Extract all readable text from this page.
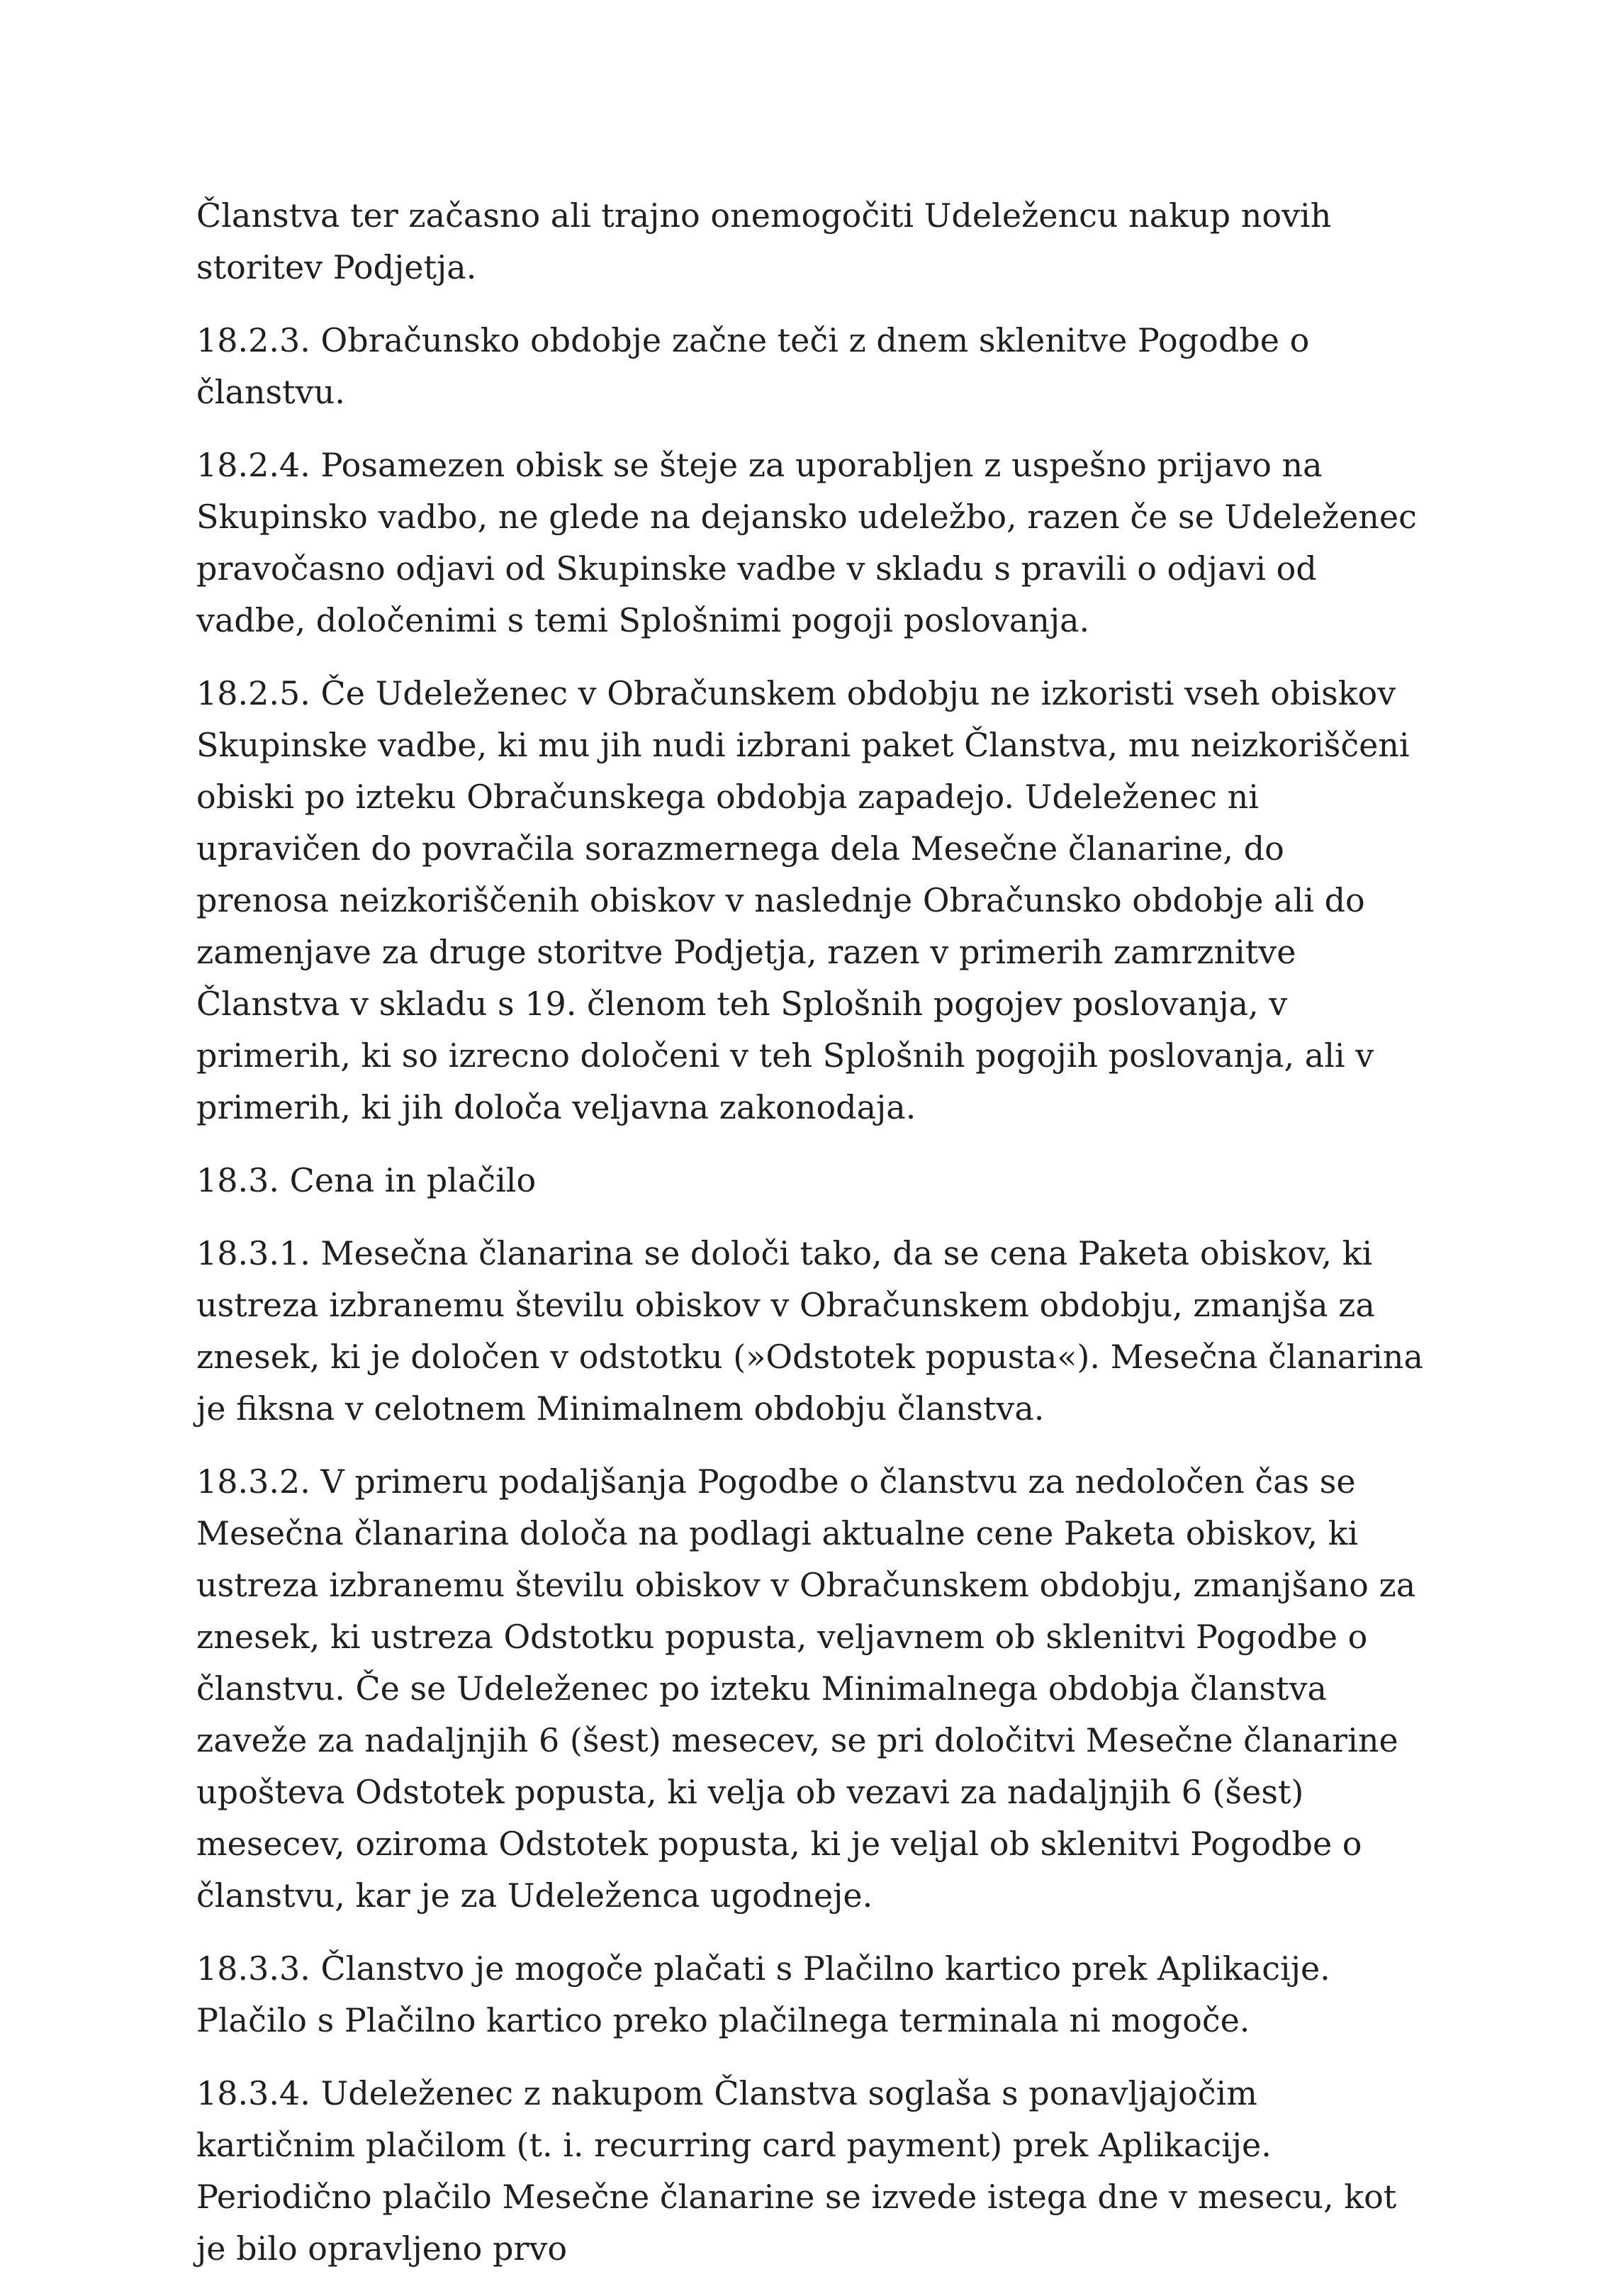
Članstva ter začasno ali trajno onemogočiti Udeležencu nakup novih storitev Podjetja.

18.2.3. Obračunsko obdobje začne teči z dnem sklenitve Pogodbe o članstvu.

18.2.4. Posamezen obisk se šteje za uporabljen z uspešno prijavo na Skupinsko vadbo, ne glede na dejansko udeležbo, razen če se Udeleženec pravočasno odjavi od Skupinske vadbe v skladu s pravili o odjavi od vadbe, določenimi s temi Splošnimi pogoji poslovanja.

18.2.5. Če Udeleženec v Obračunskem obdobju ne izkoristi vseh obiskov Skupinske vadbe, ki mu jih nudi izbrani paket Članstva, mu neizkoriščeni obiski po izteku Obračunskega obdobja zapadejo. Udeleženec ni upravičen do povračila sorazmernega dela Mesečne članarine, do prenosa neizkoriščenih obiskov v naslednje Obračunsko obdobje ali do zamenjave za druge storitve Podjetja, razen v primerih zamrznitve Članstva v skladu s 19. členom teh Splošnih pogojev poslovanja, v primerih, ki so izrecno določeni v teh Splošnih pogojih poslovanja, ali v primerih, ki jih določa veljavna zakonodaja.

18.3. Cena in plačilo

18.3.1. Mesečna članarina se določi tako, da se cena Paketa obiskov, ki ustreza izbranemu številu obiskov v Obračunskem obdobju, zmanjša za znesek, ki je določen v odstotku (»Odstotek popusta«). Mesečna članarina je fiksna v celotnem Minimalnem obdobju članstva.

18.3.2. V primeru podaljšanja Pogodbe o članstvu za nedoločen čas se Mesečna članarina določa na podlagi aktualne cene Paketa obiskov, ki ustreza izbranemu številu obiskov v Obračunskem obdobju, zmanjšano za znesek, ki ustreza Odstotku popusta, veljavnem ob sklenitvi Pogodbe o članstvu. Če se Udeleženec po izteku Minimalnega obdobja članstva zaveže za nadaljnjih 6 (šest) mesecev, se pri določitvi Mesečne članarine upošteva Odstotek popusta, ki velja ob vezavi za nadaljnjih 6 (šest) mesecev, oziroma Odstotek popusta, ki je veljal ob sklenitvi Pogodbe o članstvu, kar je za Udeleženca ugodneje.

18.3.3. Članstvo je mogoče plačati s Plačilno kartico prek Aplikacije. Plačilo s Plačilno kartico preko plačilnega terminala ni mogoče.

18.3.4. Udeleženec z nakupom Članstva soglaša s ponavljajočim kartičnim plačilom (t. i. recurring card payment) prek Aplikacije. Periodično plačilo Mesečne članarine se izvede istega dne v mesecu, kot je bilo opravljeno prvo
